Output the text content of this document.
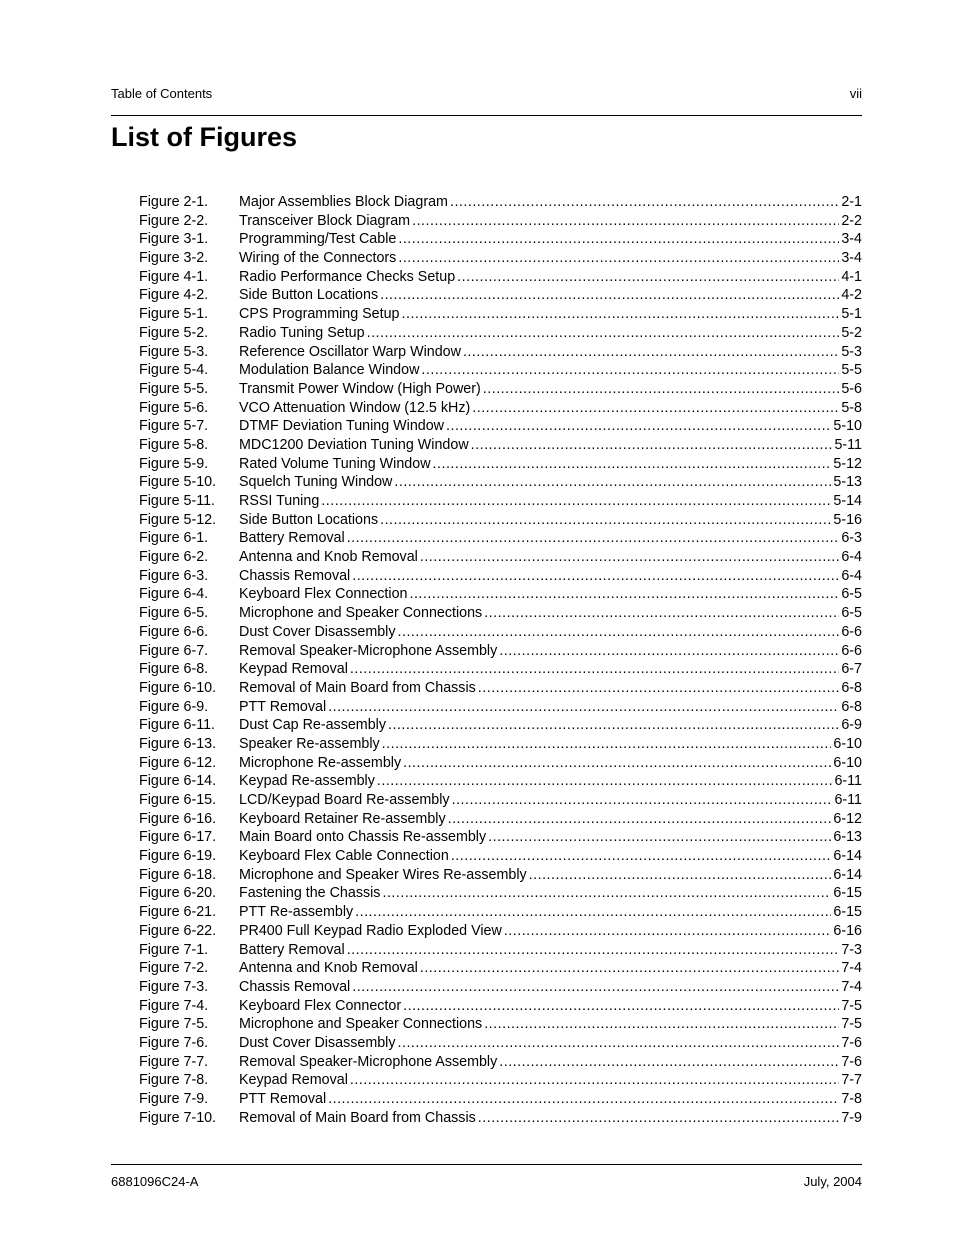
Table of Contents	vii
List of Figures
Figure 2-1.	Major Assemblies Block Diagram .....	2-1
Figure 2-2.	Transceiver Block Diagram .....	2-2
Figure 3-1.	Programming/Test Cable .....	3-4
Figure 3-2.	Wiring of the Connectors .....	3-4
Figure 4-1.	Radio Performance Checks Setup .....	4-1
Figure 4-2.	Side Button Locations .....	4-2
Figure 5-1.	CPS Programming Setup .....	5-1
Figure 5-2.	Radio Tuning Setup .....	5-2
Figure 5-3.	Reference Oscillator Warp Window .....	5-3
Figure 5-4.	Modulation Balance Window .....	5-5
Figure 5-5.	Transmit Power Window (High Power) .....	5-6
Figure 5-6.	VCO Attenuation Window (12.5 kHz) .....	5-8
Figure 5-7.	DTMF Deviation Tuning Window .....	5-10
Figure 5-8.	MDC1200 Deviation Tuning Window .....	5-11
Figure 5-9.	Rated Volume Tuning Window .....	5-12
Figure 5-10.	Squelch Tuning Window .....	5-13
Figure 5-11.	RSSI Tuning .....	5-14
Figure 5-12.	Side Button Locations .....	5-16
Figure 6-1.	Battery Removal .....	6-3
Figure 6-2.	Antenna and Knob Removal .....	6-4
Figure 6-3.	Chassis Removal .....	6-4
Figure 6-4.	Keyboard Flex Connection .....	6-5
Figure 6-5.	Microphone and Speaker Connections .....	6-5
Figure 6-6.	Dust Cover Disassembly .....	6-6
Figure 6-7.	Removal Speaker-Microphone Assembly .....	6-6
Figure 6-8.	Keypad Removal .....	6-7
Figure 6-10.	Removal of Main Board from Chassis .....	6-8
Figure 6-9.	PTT Removal .....	6-8
Figure 6-11.	Dust Cap Re-assembly .....	6-9
Figure 6-13.	Speaker Re-assembly .....	6-10
Figure 6-12.	Microphone Re-assembly .....	6-10
Figure 6-14.	Keypad Re-assembly .....	6-11
Figure 6-15.	LCD/Keypad Board Re-assembly .....	6-11
Figure 6-16.	Keyboard Retainer Re-assembly .....	6-12
Figure 6-17.	Main Board onto Chassis Re-assembly .....	6-13
Figure 6-19.	Keyboard Flex Cable Connection .....	6-14
Figure 6-18.	Microphone and Speaker Wires Re-assembly .....	6-14
Figure 6-20.	Fastening the Chassis .....	6-15
Figure 6-21.	PTT Re-assembly .....	6-15
Figure 6-22.	PR400 Full Keypad Radio Exploded View .....	6-16
Figure 7-1.	Battery Removal .....	7-3
Figure 7-2.	Antenna and Knob Removal .....	7-4
Figure 7-3.	Chassis Removal .....	7-4
Figure 7-4.	Keyboard Flex Connector .....	7-5
Figure 7-5.	Microphone and Speaker Connections .....	7-5
Figure 7-6.	Dust Cover Disassembly .....	7-6
Figure 7-7.	Removal Speaker-Microphone Assembly .....	7-6
Figure 7-8.	Keypad Removal .....	7-7
Figure 7-9.	PTT Removal .....	7-8
Figure 7-10.	Removal of Main Board from Chassis .....	7-9
6881096C24-A	July, 2004
